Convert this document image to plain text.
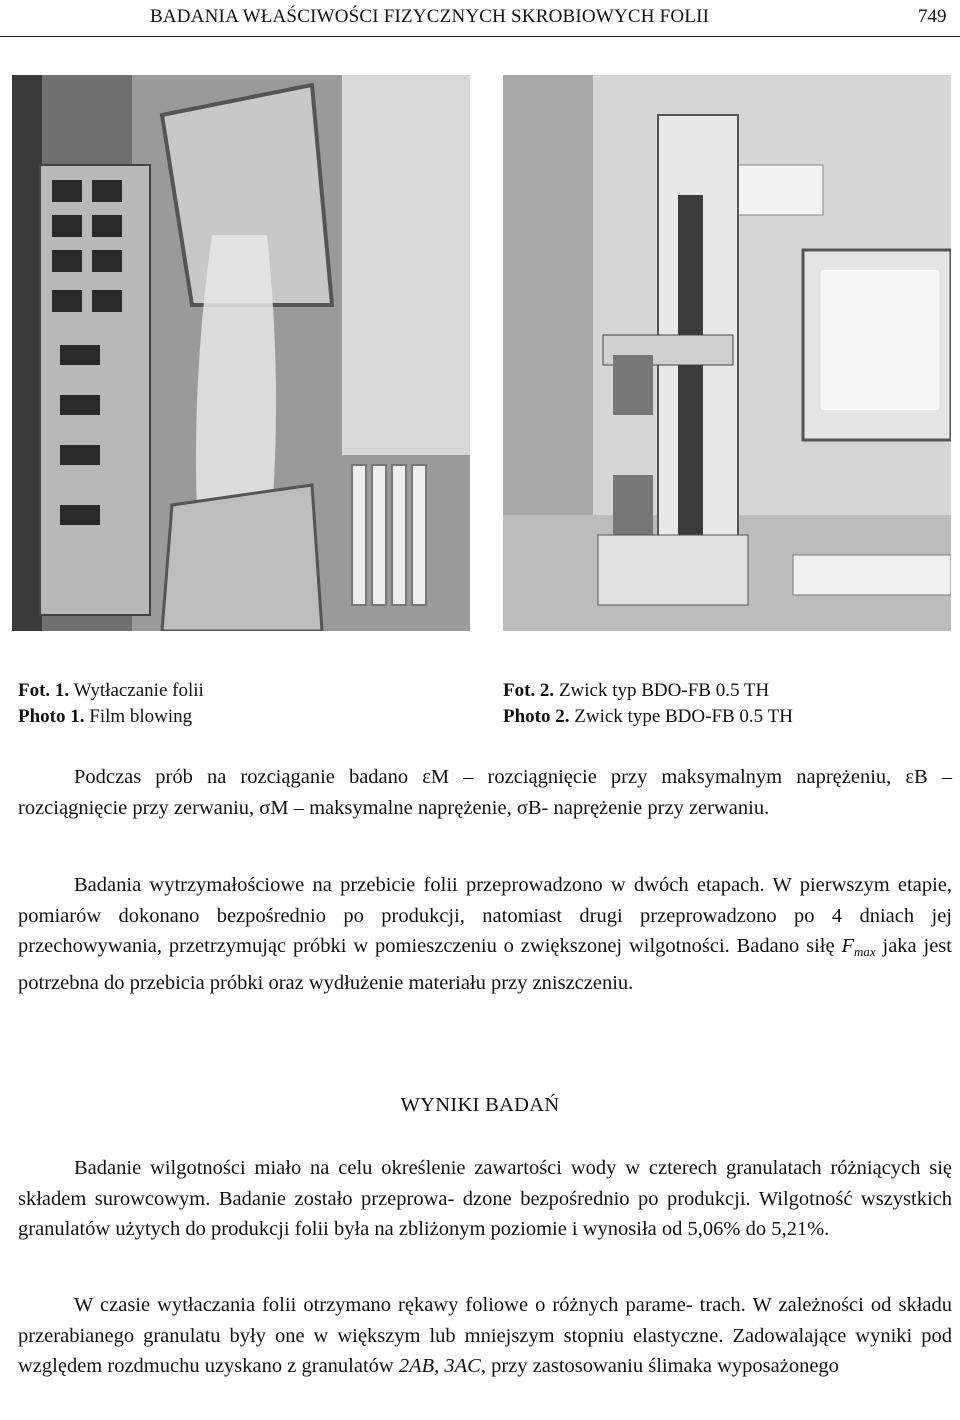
BADANIA WŁAŚCIWOŚCI FIZYCZNYCH SKROBIOWYCH FOLII	749
Fot. 1. Wytłaczanie folii
Photo 1. Film blowing
Fot. 2. Zwick typ BDO-FB 0.5 TH
Photo 2. Zwick type BDO-FB 0.5 TH

Podczas prób na rozciąganie badano εM – rozciągnięcie przy maksymalnym naprężeniu, εB – rozciągnięcie przy zerwaniu, σM – maksymalne naprężenie, σB- naprężenie przy zerwaniu.

Badania wytrzymałościowe na przebicie folii przeprowadzono w dwóch etapach. W pierwszym etapie, pomiarów dokonano bezpośrednio po produkcji, natomiast drugi przeprowadzono po 4 dniach jej przechowywania, przetrzymując próbki w pomieszczeniu o zwiększonej wilgotności. Badano siłę $F_{max}$ jaka jest potrzebna do przebicia próbki oraz wydłużenie materiału przy zniszczeniu.

WYNIKI BADAŃ

Badanie wilgotności miało na celu określenie zawartości wody w czterech granulatach różniących się składem surowcowym. Badanie zostało przeprowa- dzone bezpośrednio po produkcji. Wilgotność wszystkich granulatów użytych do produkcji folii była na zbliżonym poziomie i wynosiła od 5,06% do 5,21%.

W czasie wytłaczania folii otrzymano rękawy foliowe o różnych parame- trach. W zależności od składu przerabianego granulatu były one w większym lub mniejszym stopniu elastyczne. Zadowalające wyniki pod względem rozdmuchu uzyskano z granulatów 2AB, 3AC, przy zastosowaniu ślimaka wyposażonego
